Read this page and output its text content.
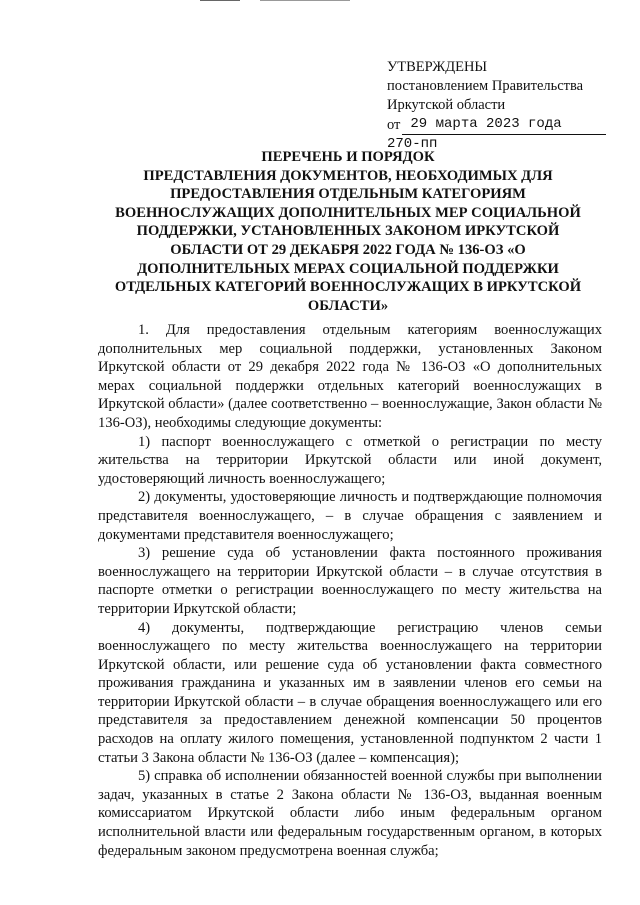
УТВЕРЖДЕНЫ
постановлением Правительства
Иркутской области
от 29 марта 2023 года
270-пп
ПЕРЕЧЕНЬ И ПОРЯДОК
ПРЕДСТАВЛЕНИЯ ДОКУМЕНТОВ, НЕОБХОДИМЫХ ДЛЯ
ПРЕДОСТАВЛЕНИЯ ОТДЕЛЬНЫМ КАТЕГОРИЯМ
ВОЕННОСЛУЖАЩИХ ДОПОЛНИТЕЛЬНЫХ МЕР СОЦИАЛЬНОЙ
ПОДДЕРЖКИ, УСТАНОВЛЕННЫХ ЗАКОНОМ ИРКУТСКОЙ
ОБЛАСТИ ОТ 29 ДЕКАБРЯ 2022 ГОДА № 136-ОЗ «О
ДОПОЛНИТЕЛЬНЫХ МЕРАХ СОЦИАЛЬНОЙ ПОДДЕРЖКИ
ОТДЕЛЬНЫХ КАТЕГОРИЙ ВОЕННОСЛУЖАЩИХ В ИРКУТСКОЙ
ОБЛАСТИ»

1. Для предоставления отдельным категориям военнослужащих дополнительных мер социальной поддержки, установленных Законом Иркутской области от 29 декабря 2022 года № 136-ОЗ «О дополнительных мерах социальной поддержки отдельных категорий военнослужащих в Иркутской области» (далее соответственно – военнослужащие, Закон области № 136-ОЗ), необходимы следующие документы:

1) паспорт военнослужащего с отметкой о регистрации по месту жительства на территории Иркутской области или иной документ, удостоверяющий личность военнослужащего;

2) документы, удостоверяющие личность и подтверждающие полномочия представителя военнослужащего, – в случае обращения с заявлением и документами представителя военнослужащего;

3) решение суда об установлении факта постоянного проживания военнослужащего на территории Иркутской области – в случае отсутствия в паспорте отметки о регистрации военнослужащего по месту жительства на территории Иркутской области;

4) документы, подтверждающие регистрацию членов семьи военнослужащего по месту жительства военнослужащего на территории Иркутской области, или решение суда об установлении факта совместного проживания гражданина и указанных им в заявлении членов его семьи на территории Иркутской области – в случае обращения военнослужащего или его представителя за предоставлением денежной компенсации 50 процентов расходов на оплату жилого помещения, установленной подпунктом 2 части 1 статьи 3 Закона области № 136-ОЗ (далее – компенсация);

5) справка об исполнении обязанностей военной службы при выполнении задач, указанных в статье 2 Закона области № 136-ОЗ, выданная военным комиссариатом Иркутской области либо иным федеральным органом исполнительной власти или федеральным государственным органом, в которых федеральным законом предусмотрена военная служба;
